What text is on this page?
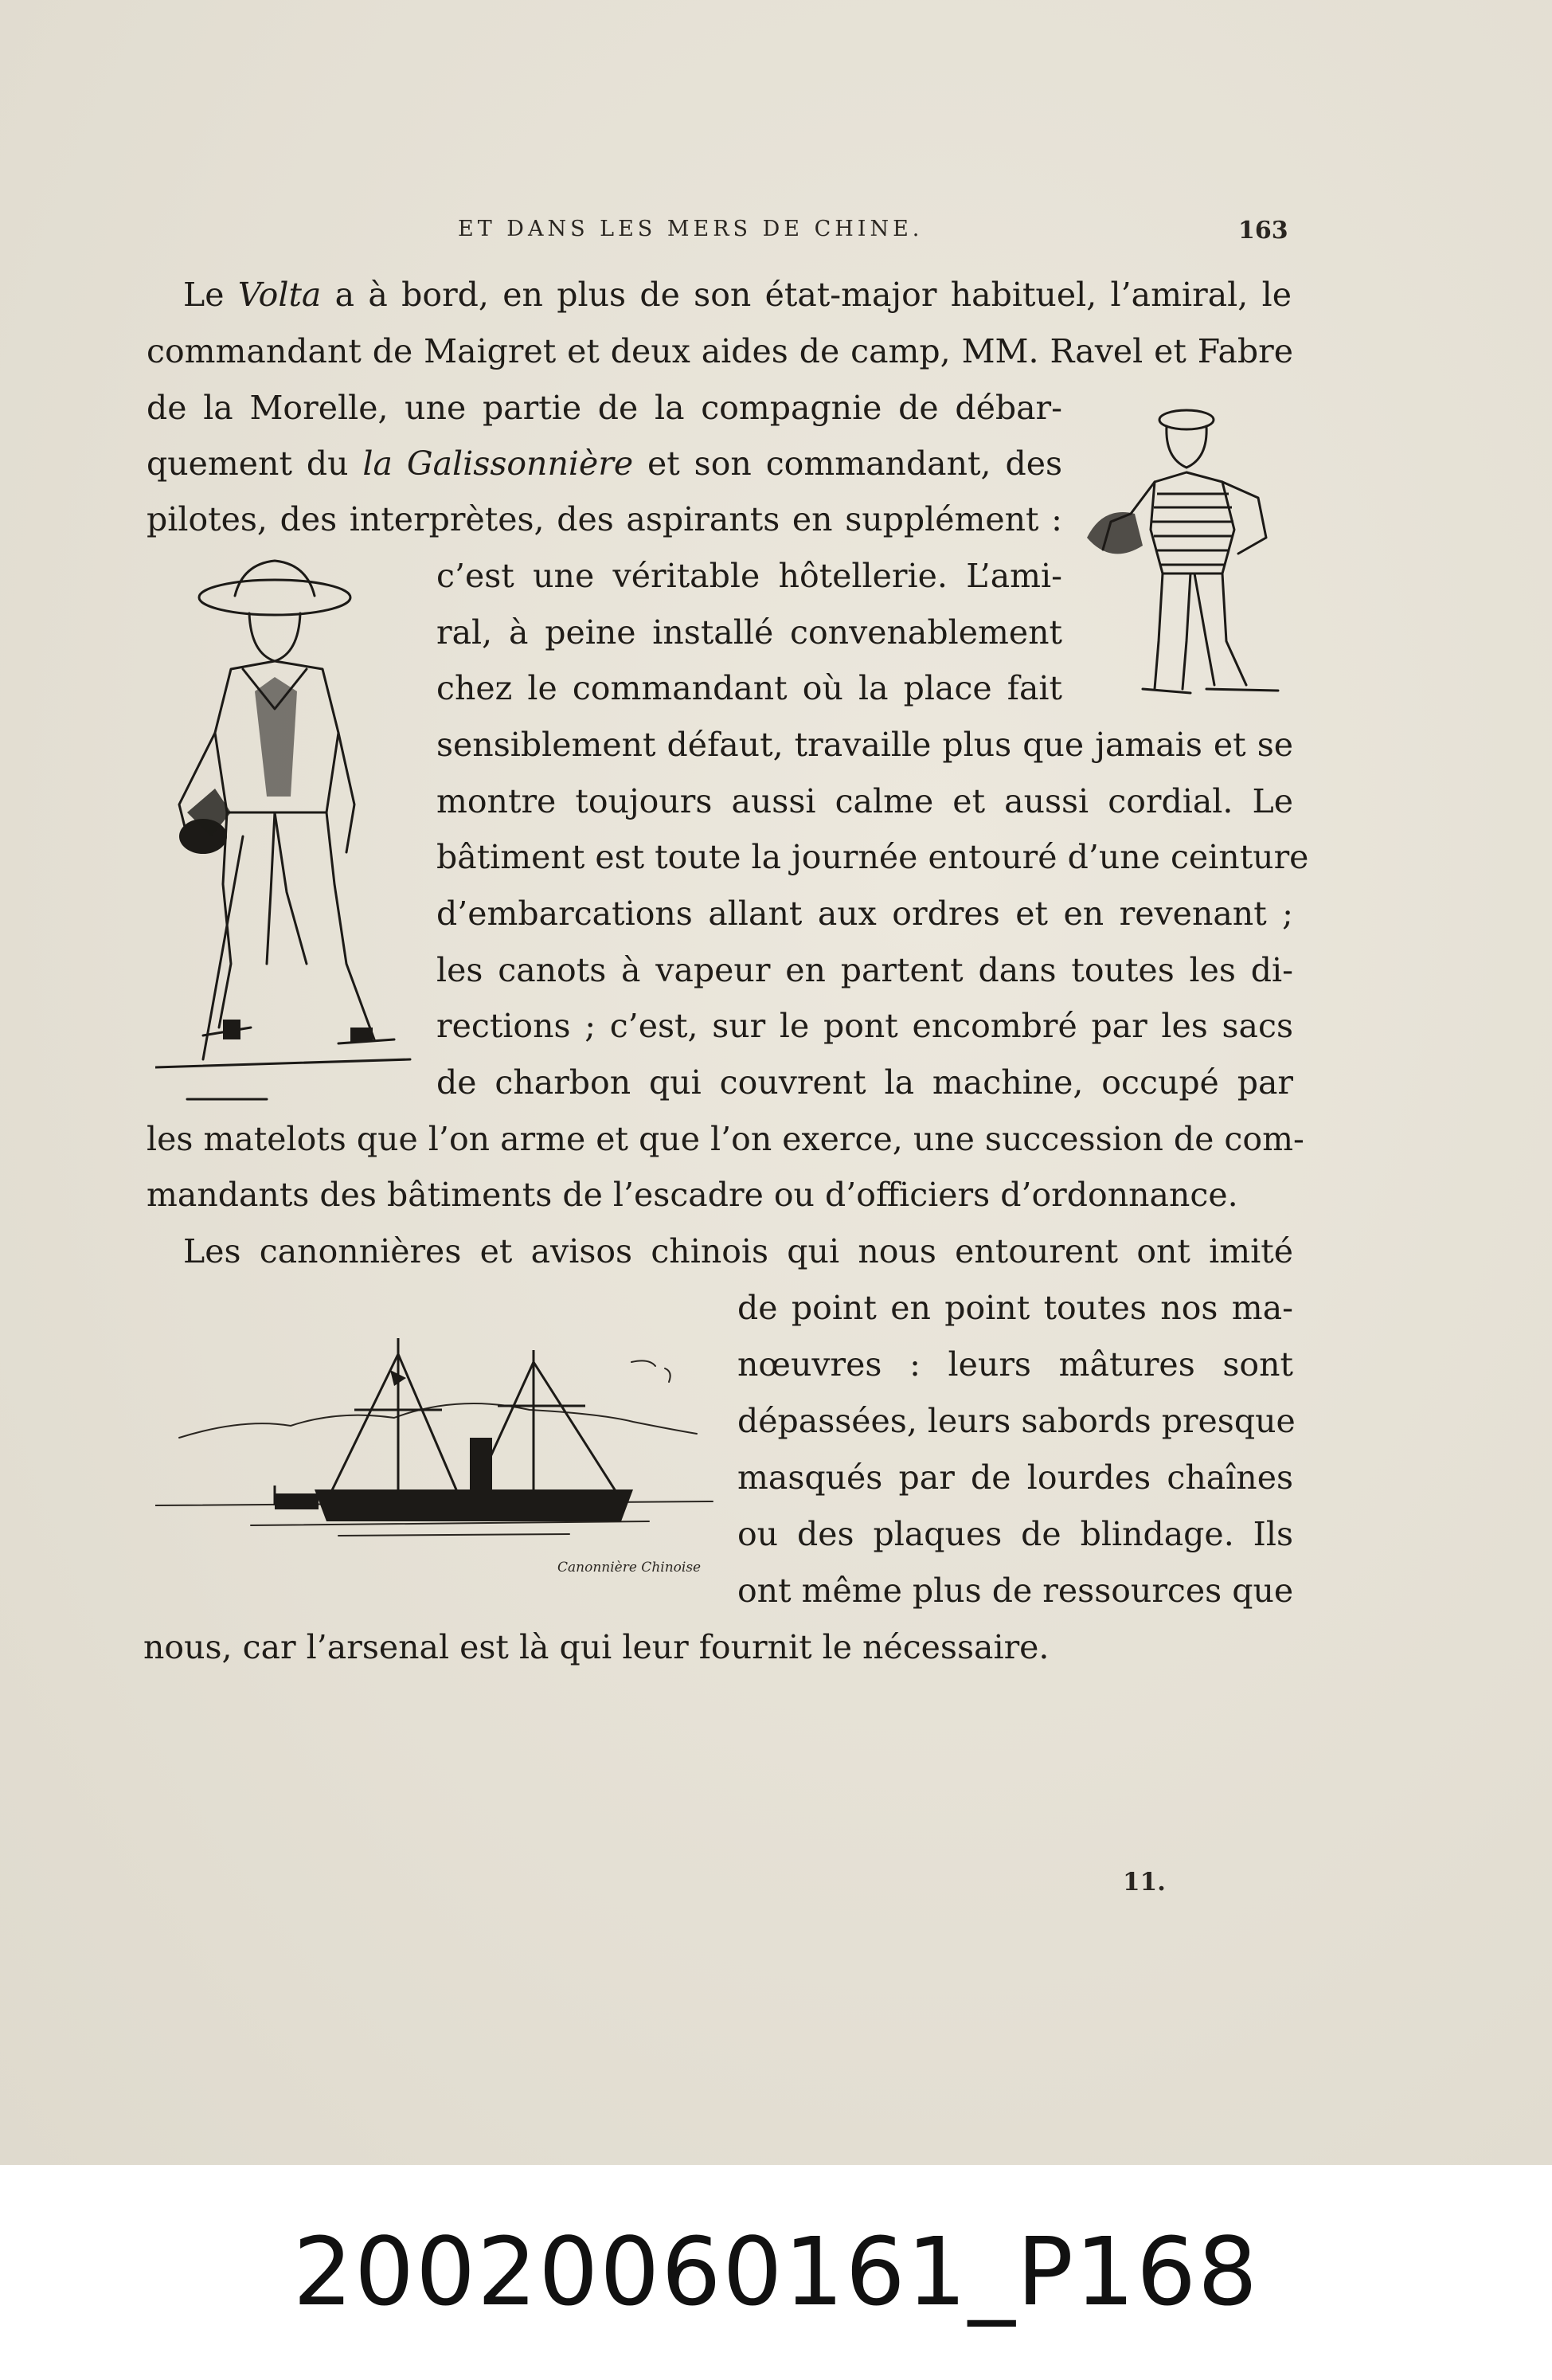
ET DANS LES MERS DE CHINE.	163
Le Volta a à bord, en plus de son état-major habituel, l’amiral, le
commandant de Maigret et deux aides de camp, MM. Ravel et Fabre
de la Morelle, une partie de la compagnie de débar-
quement du la Galissonnière et son commandant, des
pilotes, des interprètes, des aspirants en supplément :
c’est une véritable hôtellerie. L’ami-
ral, à peine installé convenablement
chez le commandant où la place fait
sensiblement défaut, travaille plus que jamais et se
montre toujours aussi calme et aussi cordial. Le
bâtiment est toute la journée entouré d’une ceinture
d’embarcations allant aux ordres et en revenant ;
les canots à vapeur en partent dans toutes les di-
rections ; c’est, sur le pont encombré par les sacs
de charbon qui couvrent la machine, occupé par
les matelots que l’on arme et que l’on exerce, une succession de com-
mandants des bâtiments de l’escadre ou d’officiers d’ordonnance.
Les canonnières et avisos chinois qui nous entourent ont imité
de point en point toutes nos ma-
nœuvres : leurs mâtures sont
dépassées, leurs sabords presque
masqués par de lourdes chaînes
ou des plaques de blindage. Ils
ont même plus de ressources que
nous, car l’arsenal est là qui leur fournit le nécessaire.
11.
Canonnière Chinoise
20020060161_P168
